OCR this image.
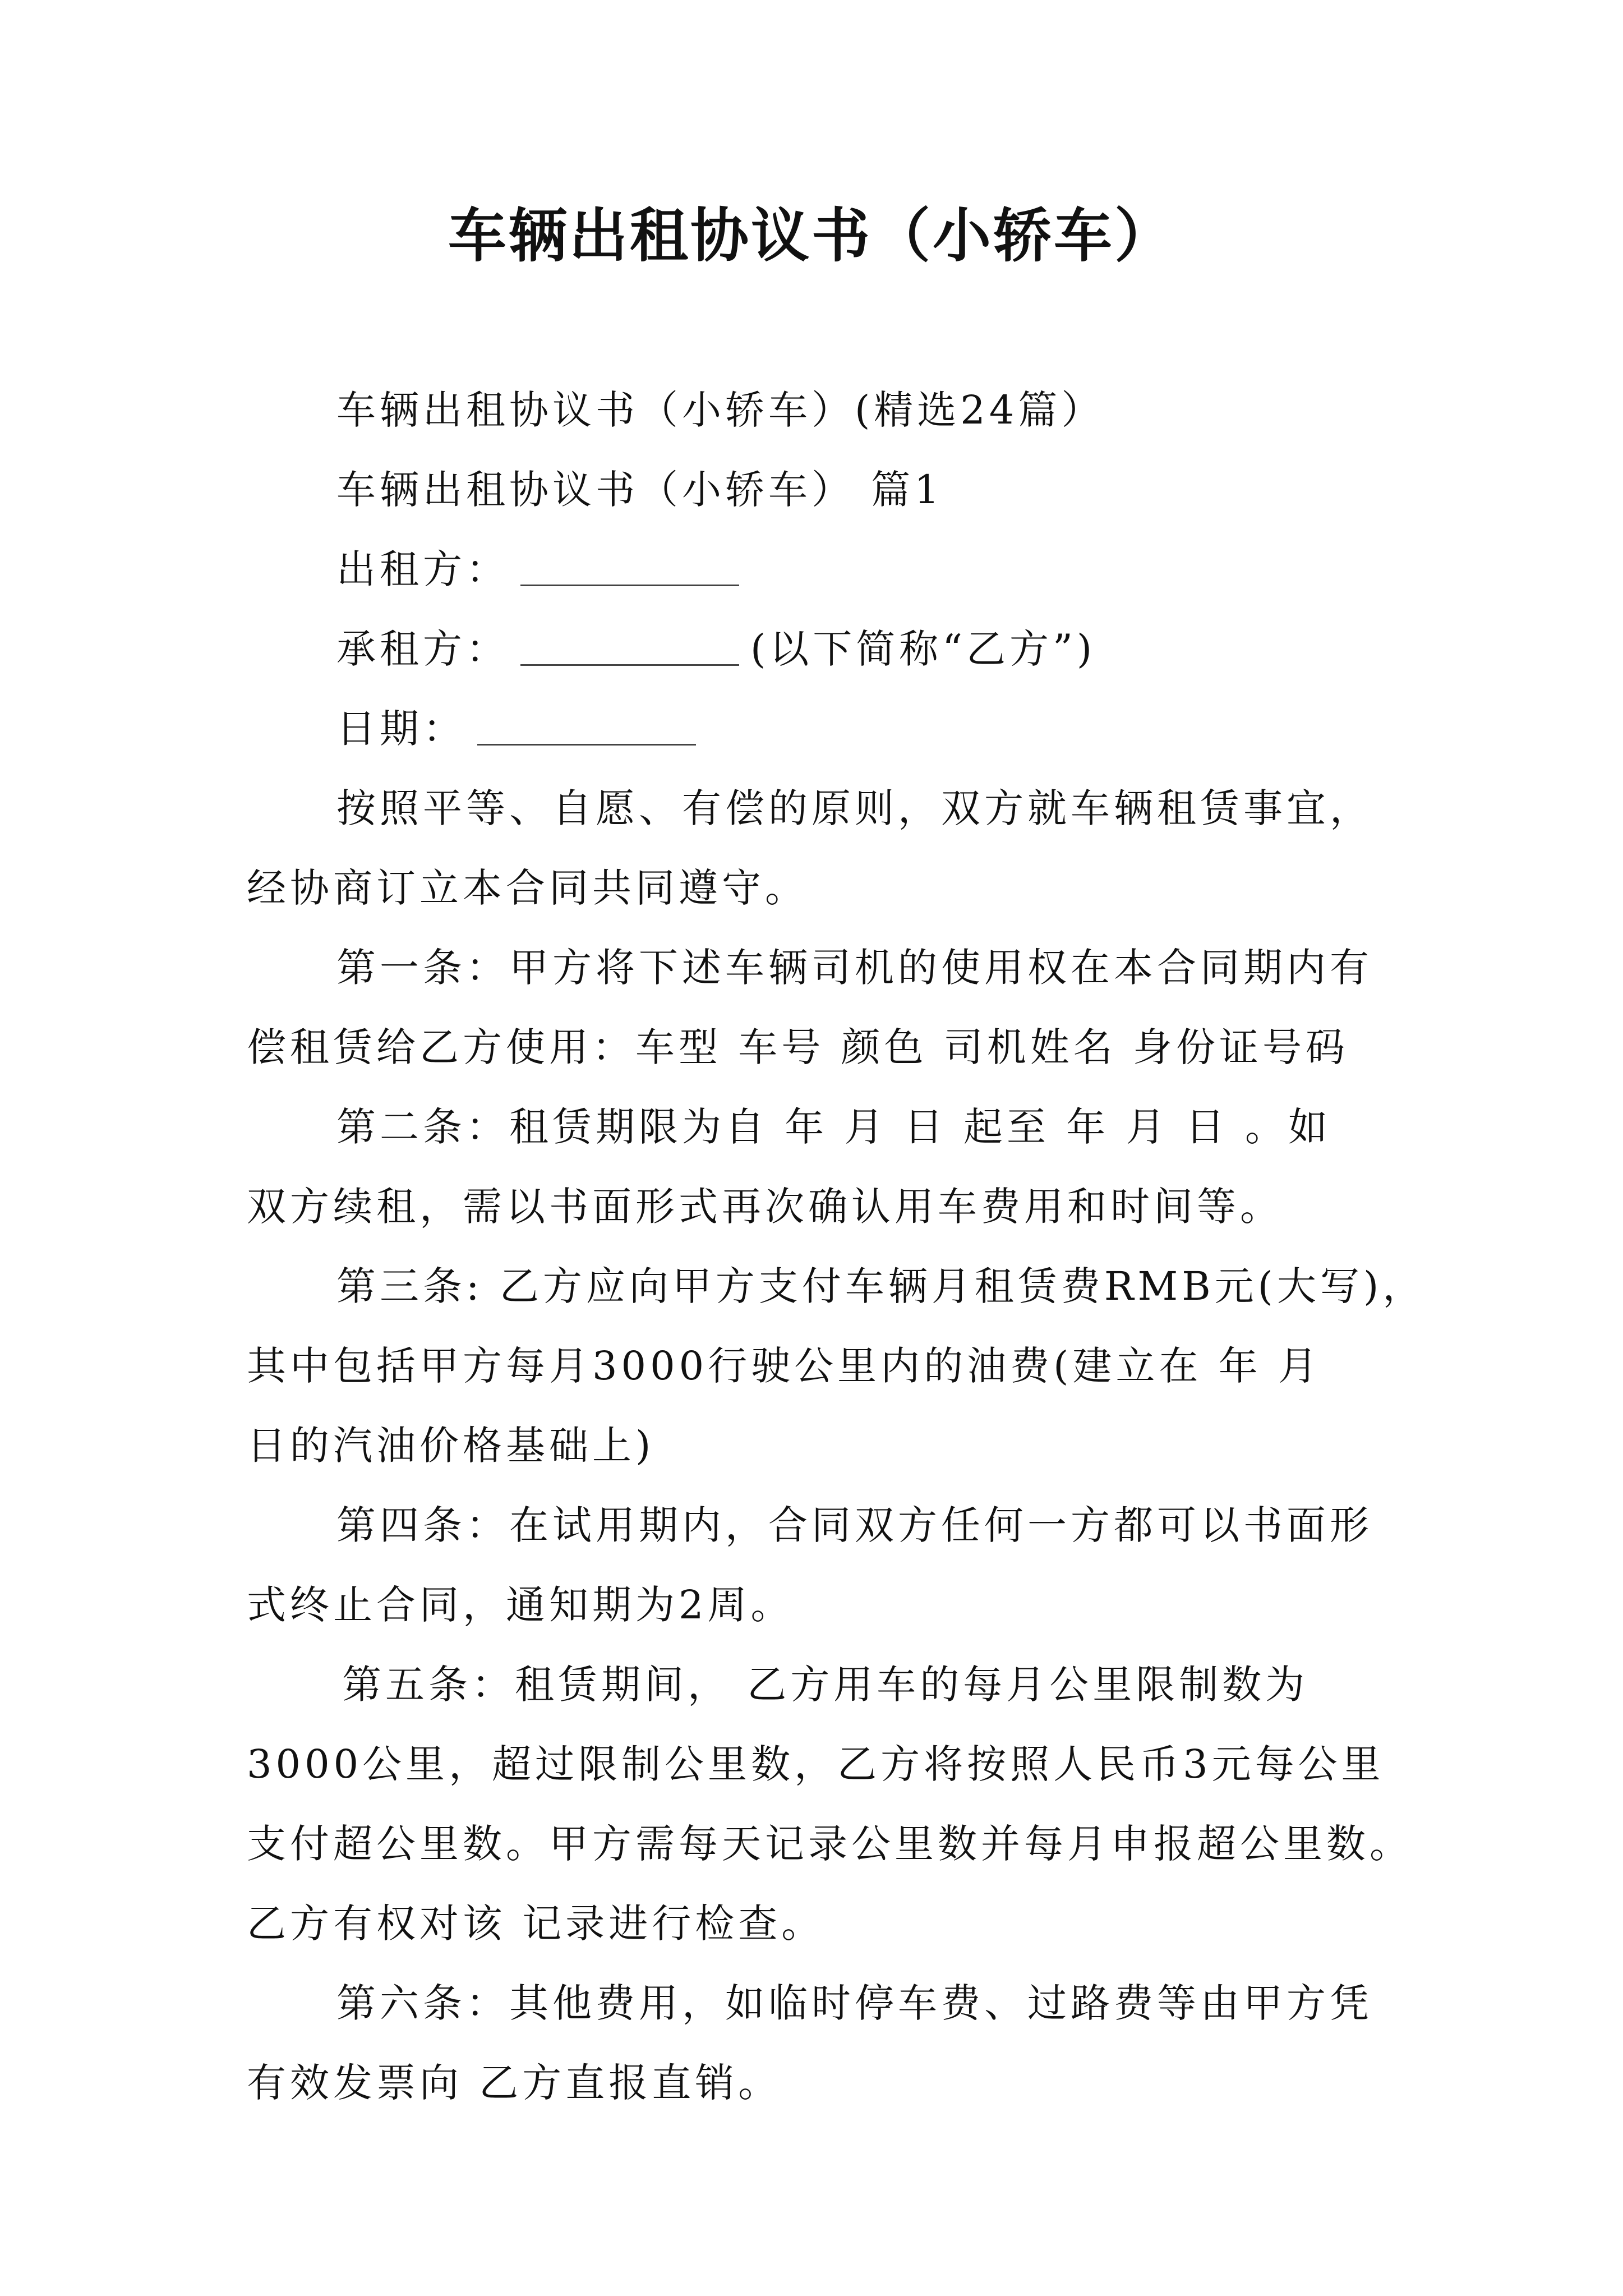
车辆出租协议书（小轿车）
车辆出租协议书（小轿车）(精选24篇）
车辆出租协议书（小轿车） 篇1
出租方：
承租方：	(以下简称“乙方”)
日期：
按照平等、自愿、有偿的原则，双方就车辆租赁事宜，
经协商订立本合同共同遵守。
第一条：甲方将下述车辆司机的使用权在本合同期内有
偿租赁给乙方使用：车型 车号 颜色 司机姓名 身份证号码
第二条：租赁期限为自 年 月 日 起至 年 月 日 。如
双方续租，需以书面形式再次确认用车费用和时间等。
第三条: 乙方应向甲方支付车辆月租赁费RMB元(大写)，
其中包括甲方每月3000行驶公里内的油费(建立在 年 月
日的汽油价格基础上)
第四条：在试用期内，合同双方任何一方都可以书面形
式终止合同，通知期为2周。
第五条：租赁期间， 乙方用车的每月公里限制数为
3000公里，超过限制公里数，乙方将按照人民币3元每公里
支付超公里数。甲方需每天记录公里数并每月申报超公里数。
乙方有权对该 记录进行检查。
第六条：其他费用，如临时停车费、过路费等由甲方凭
有效发票向 乙方直报直销。
